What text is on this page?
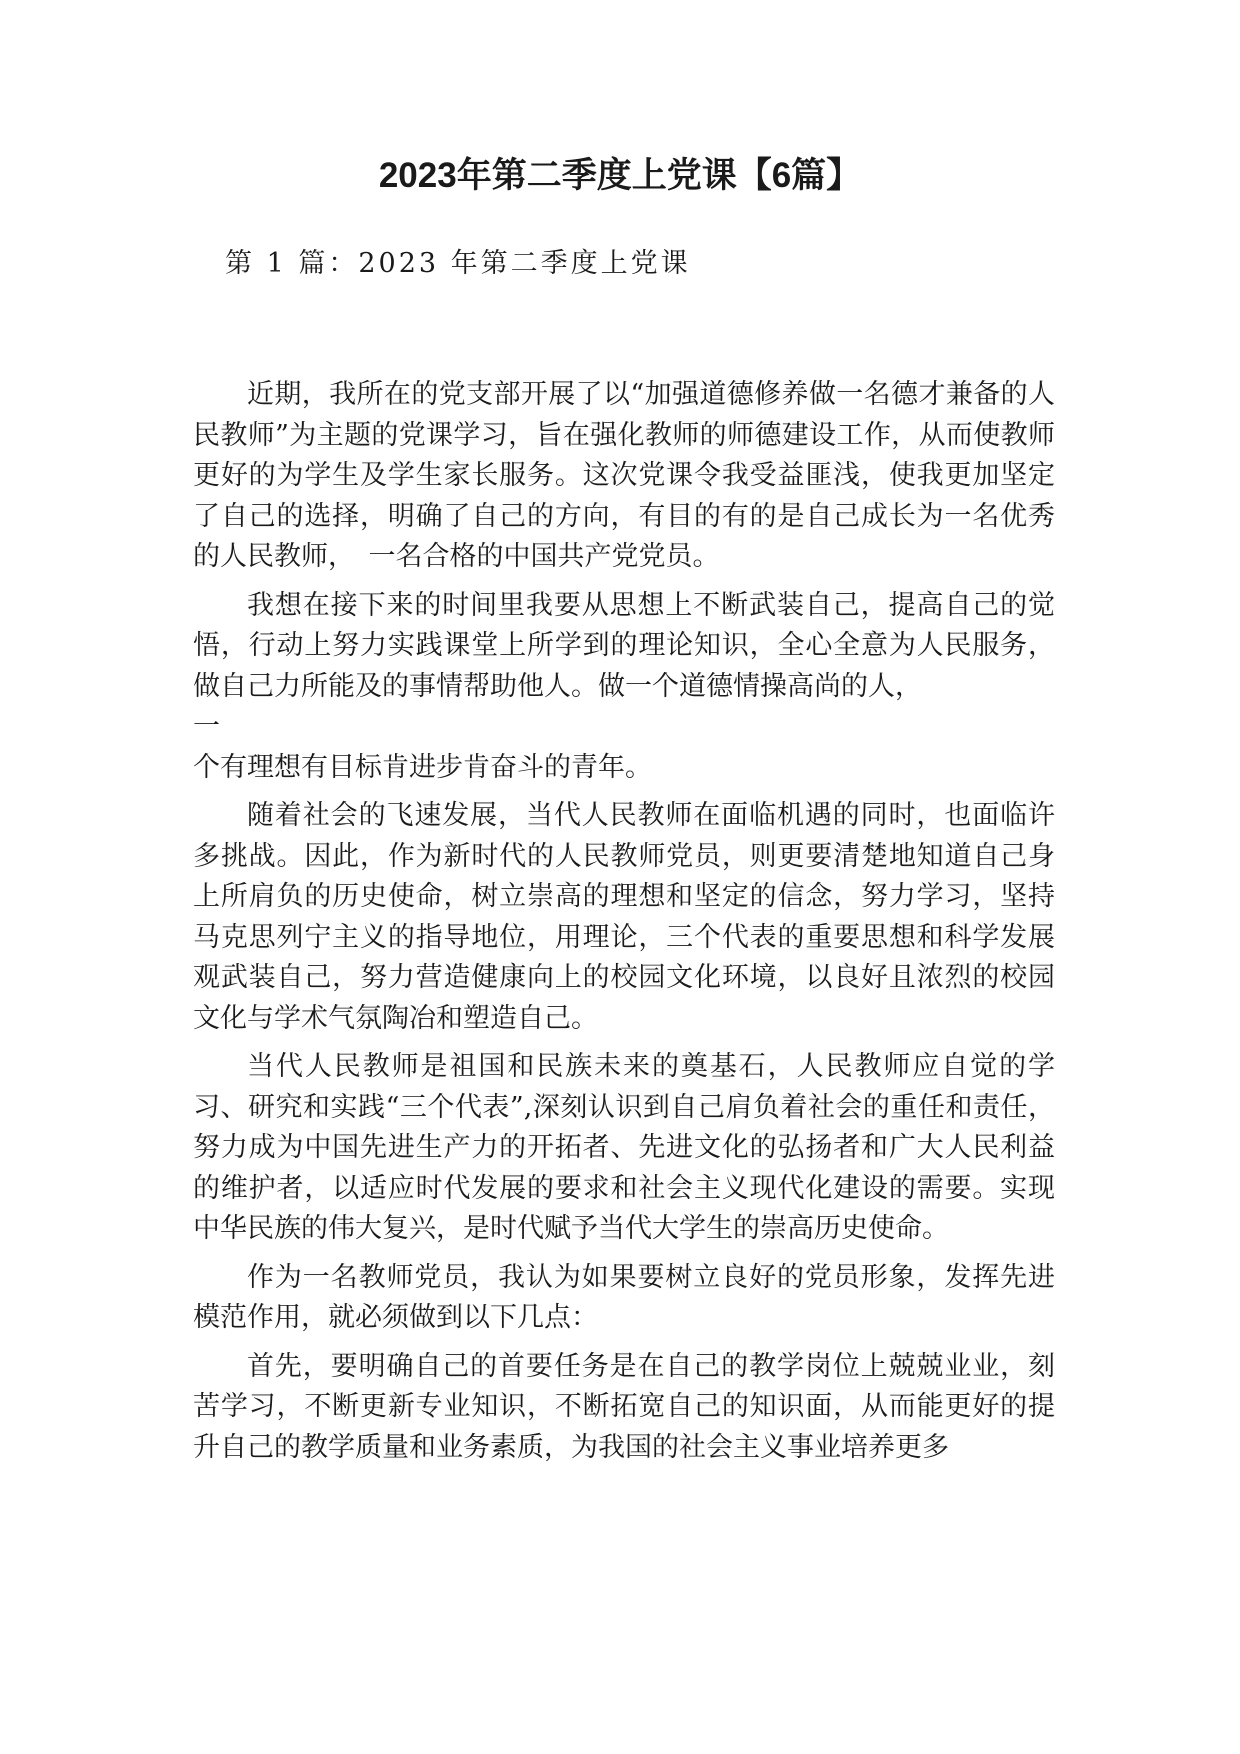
2023年第二季度上党课【6篇】
第 1 篇：2023 年第二季度上党课

近期，我所在的党支部开展了以“加强道德修养做一名德才兼备的人民教师”为主题的党课学习，旨在强化教师的师德建设工作，从而使教师更好的为学生及学生家长服务。这次党课令我受益匪浅，使我更加坚定了自己的选择，明确了自己的方向，有目的有的是自己成长为一名优秀的人民教师，　一名合格的中国共产党党员。

我想在接下来的时间里我要从思想上不断武装自己，提高自己的觉悟，行动上努力实践课堂上所学到的理论知识，全心全意为人民服务，做自己力所能及的事情帮助他人。做一个道德情操高尚的人，

一

个有理想有目标肯进步肯奋斗的青年。

随着社会的飞速发展，当代人民教师在面临机遇的同时，也面临许多挑战。因此，作为新时代的人民教师党员，则更要清楚地知道自己身上所肩负的历史使命，树立崇高的理想和坚定的信念，努力学习，坚持马克思列宁主义的指导地位，用理论，三个代表的重要思想和科学发展观武装自己，努力营造健康向上的校园文化环境，以良好且浓烈的校园文化与学术气氛陶冶和塑造自己。

当代人民教师是祖国和民族未来的奠基石，人民教师应自觉的学习、研究和实践“三个代表”,深刻认识到自己肩负着社会的重任和责任，努力成为中国先进生产力的开拓者、先进文化的弘扬者和广大人民利益的维护者，以适应时代发展的要求和社会主义现代化建设的需要。实现中华民族的伟大复兴，是时代赋予当代大学生的崇高历史使命。

作为一名教师党员，我认为如果要树立良好的党员形象，发挥先进模范作用，就必须做到以下几点：

首先，要明确自己的首要任务是在自己的教学岗位上兢兢业业，刻苦学习，不断更新专业知识，不断拓宽自己的知识面，从而能更好的提升自己的教学质量和业务素质，为我国的社会主义事业培养更多
